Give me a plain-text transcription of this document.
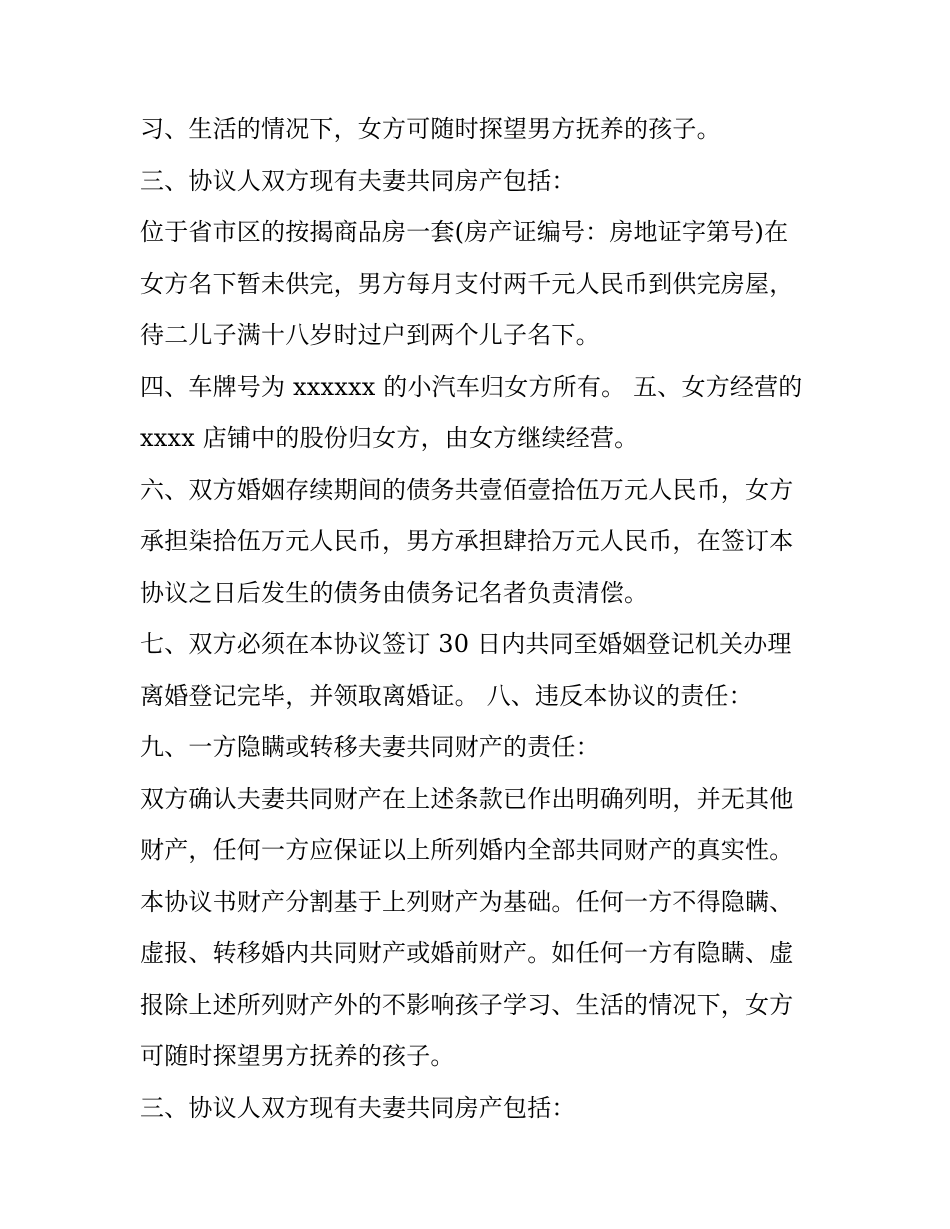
习、生活的情况下，女方可随时探望男方抚养的孩子。
三、协议人双方现有夫妻共同房产包括：
位于省市区的按揭商品房一套(房产证编号：房地证字第号)在
女方名下暂未供完，男方每月支付两千元人民币到供完房屋，
待二儿子满十八岁时过户到两个儿子名下。
四、车牌号为 xxxxxx 的小汽车归女方所有。 五、女方经营的
xxxx 店铺中的股份归女方，由女方继续经营。
六、双方婚姻存续期间的债务共壹佰壹拾伍万元人民币，女方
承担柒拾伍万元人民币，男方承担肆拾万元人民币，在签订本
协议之日后发生的债务由债务记名者负责清偿。
七、双方必须在本协议签订 30 日内共同至婚姻登记机关办理
离婚登记完毕，并领取离婚证。 八、违反本协议的责任：
九、一方隐瞒或转移夫妻共同财产的责任：
双方确认夫妻共同财产在上述条款已作出明确列明，并无其他
财产，任何一方应保证以上所列婚内全部共同财产的真实性。
本协议书财产分割基于上列财产为基础。任何一方不得隐瞒、
虚报、转移婚内共同财产或婚前财产。如任何一方有隐瞒、虚
报除上述所列财产外的不影响孩子学习、生活的情况下，女方
可随时探望男方抚养的孩子。
三、协议人双方现有夫妻共同房产包括：
